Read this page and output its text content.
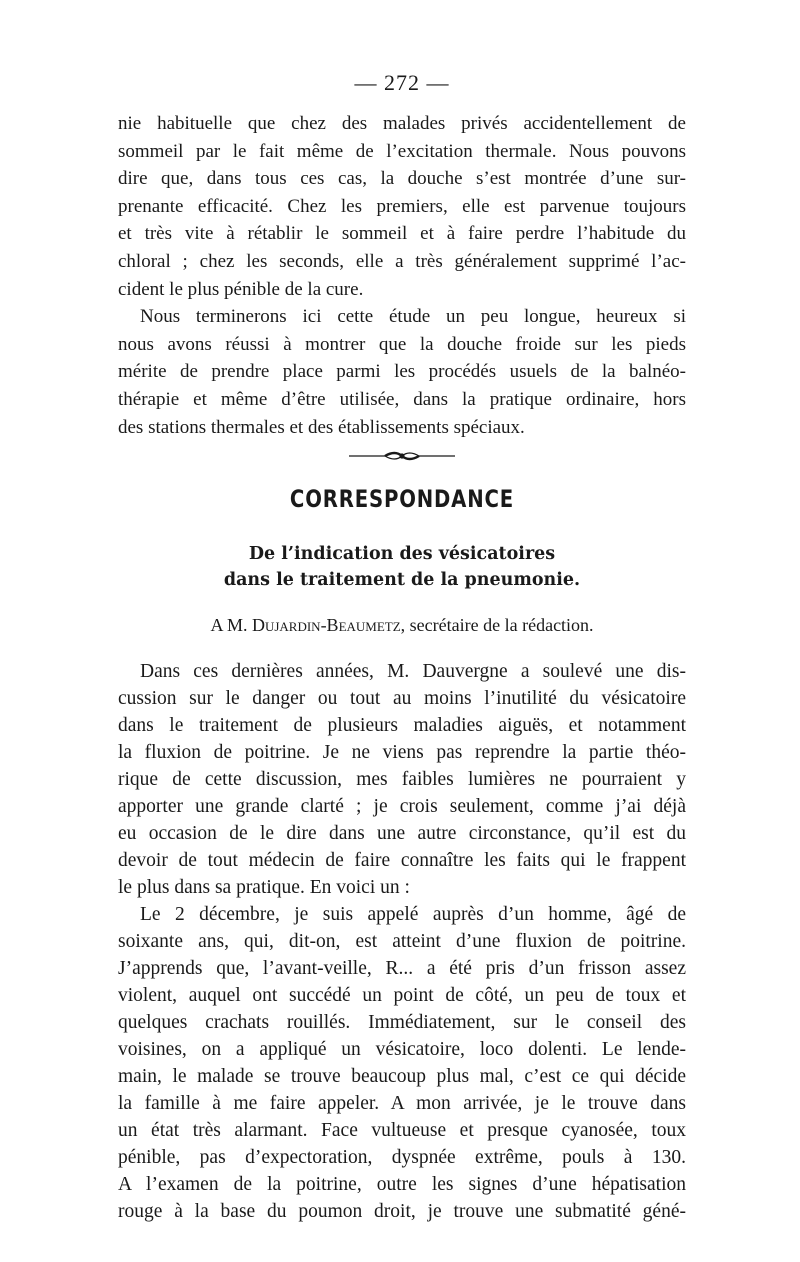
— 272 —
nie habituelle que chez des malades privés accidentellement de
sommeil par le fait même de l’excitation thermale. Nous pouvons
dire que, dans tous ces cas, la douche s’est montrée d’une sur-
prenante efficacité. Chez les premiers, elle est parvenue toujours
et très vite à rétablir le sommeil et à faire perdre l’habitude du
chloral ; chez les seconds, elle a très généralement supprimé l’ac-
cident le plus pénible de la cure.
Nous terminerons ici cette étude un peu longue, heureux si
nous avons réussi à montrer que la douche froide sur les pieds
mérite de prendre place parmi les procédés usuels de la balnéo-
thérapie et même d’être utilisée, dans la pratique ordinaire, hors
des stations thermales et des établissements spéciaux.
CORRESPONDANCE
De l’indication des vésicatoires
dans le traitement de la pneumonie.
A M. Dujardin-Beaumetz, secrétaire de la rédaction.
Dans ces dernières années, M. Dauvergne a soulevé une dis-
cussion sur le danger ou tout au moins l’inutilité du vésicatoire
dans le traitement de plusieurs maladies aiguës, et notamment
la fluxion de poitrine. Je ne viens pas reprendre la partie théo-
rique de cette discussion, mes faibles lumières ne pourraient y
apporter une grande clarté ; je crois seulement, comme j’ai déjà
eu occasion de le dire dans une autre circonstance, qu’il est du
devoir de tout médecin de faire connaître les faits qui le frappent
le plus dans sa pratique. En voici un :
Le 2 décembre, je suis appelé auprès d’un homme, âgé de
soixante ans, qui, dit-on, est atteint d’une fluxion de poitrine.
J’apprends que, l’avant-veille, R... a été pris d’un frisson assez
violent, auquel ont succédé un point de côté, un peu de toux et
quelques crachats rouillés. Immédiatement, sur le conseil des
voisines, on a appliqué un vésicatoire, loco dolenti. Le lende-
main, le malade se trouve beaucoup plus mal, c’est ce qui décide
la famille à me faire appeler. A mon arrivée, je le trouve dans
un état très alarmant. Face vultueuse et presque cyanosée, toux
pénible, pas d’expectoration, dyspnée extrême, pouls à 130.
A l’examen de la poitrine, outre les signes d’une hépatisation
rouge à la base du poumon droit, je trouve une submatité géné-
